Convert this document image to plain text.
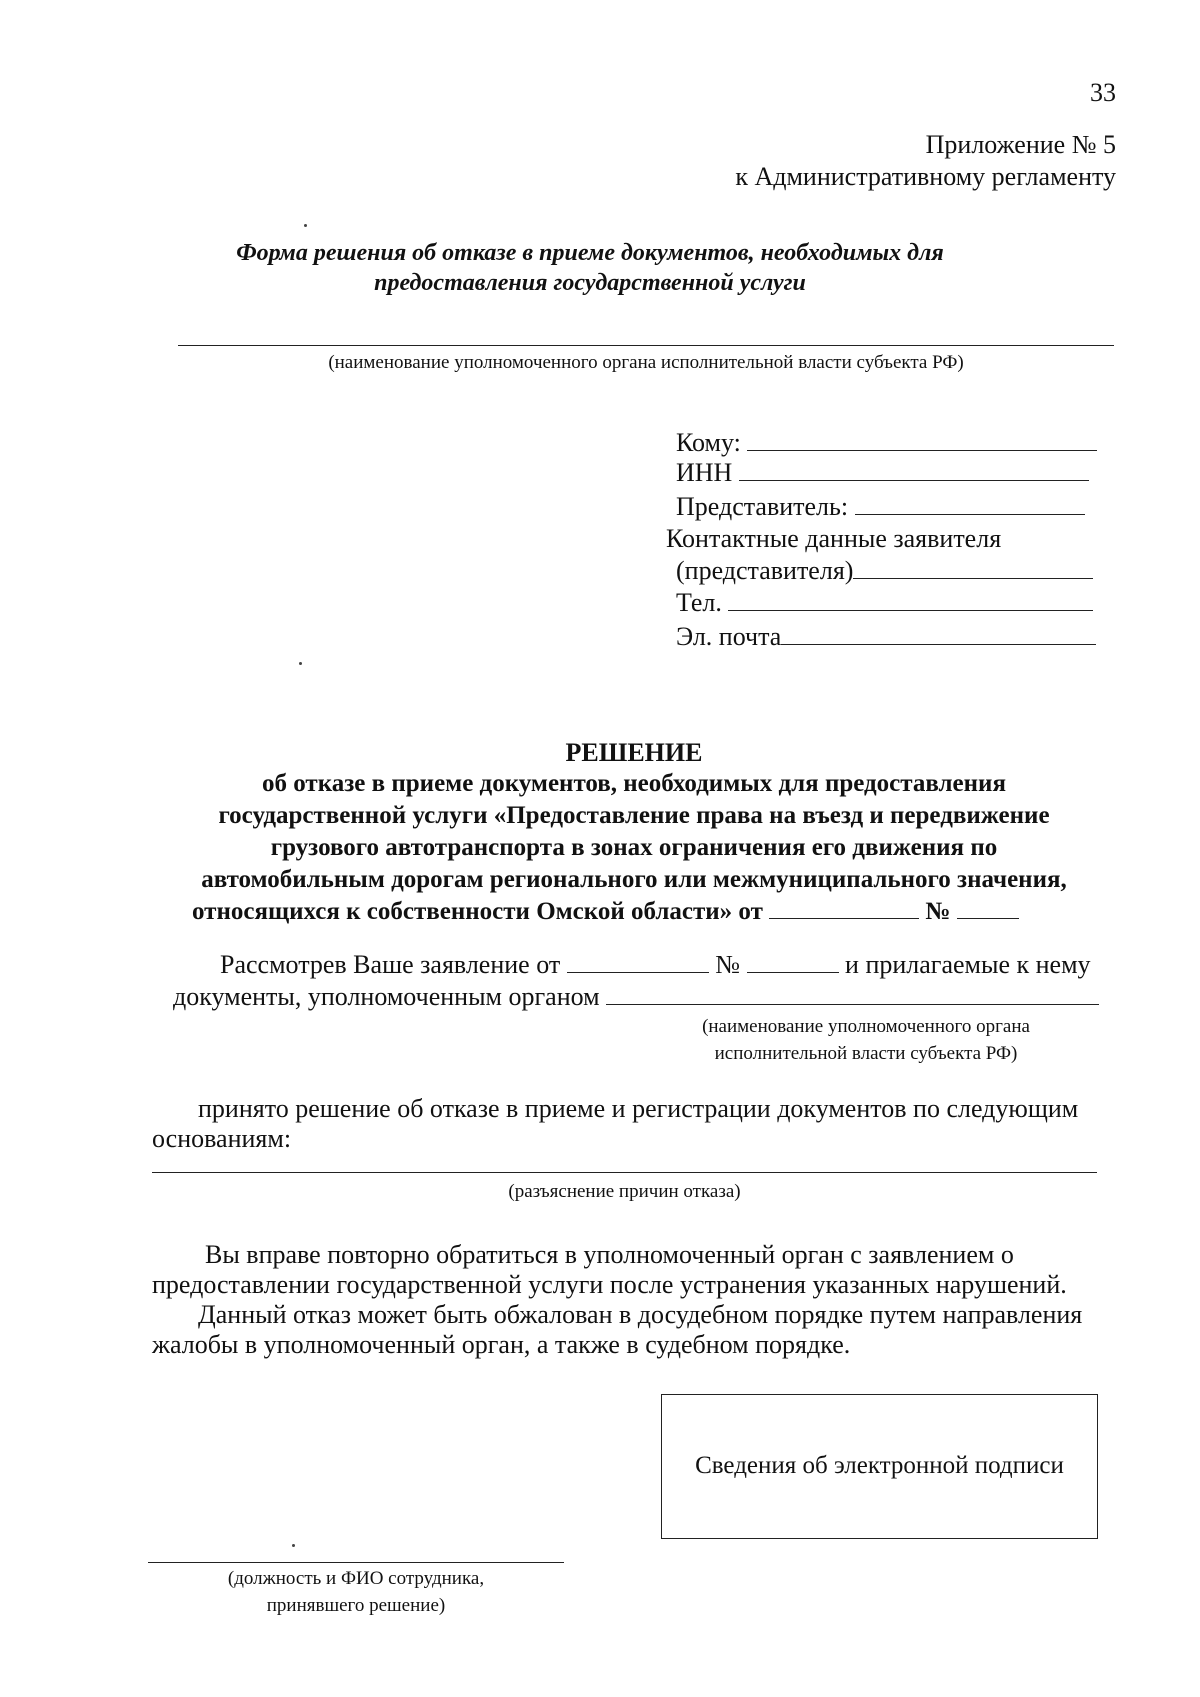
33
Приложение № 5
к Административному регламенту
Форма решения об отказе в приеме документов, необходимых для
предоставления государственной услуги
(наименование уполномоченного органа исполнительной власти субъекта РФ)
Кому:
ИНН
Представитель:
Контактные данные заявителя
(представителя)
Тел.
Эл. почта
РЕШЕНИЕ
об отказе в приеме документов, необходимых для предоставления
государственной услуги «Предоставление права на въезд и передвижение
грузового автотранспорта в зонах ограничения его движения по
автомобильным дорогам регионального или межмуниципального значения,
относящихся к собственности Омской области» от	№
Рассмотрев Ваше заявление от	№	и прилагаемые к нему
документы, уполномоченным органом
(наименование уполномоченного органа
исполнительной власти субъекта РФ)
принято решение об отказе в приеме и регистрации документов по следующим
основаниям:
(разъяснение причин отказа)
Вы вправе повторно обратиться в уполномоченный орган с заявлением о
предоставлении государственной услуги после устранения указанных нарушений.
Данный отказ может быть обжалован в досудебном порядке путем направления
жалобы в уполномоченный орган, а также в судебном порядке.
Сведения об электронной подписи
(должность и ФИО сотрудника,
принявшего решение)
